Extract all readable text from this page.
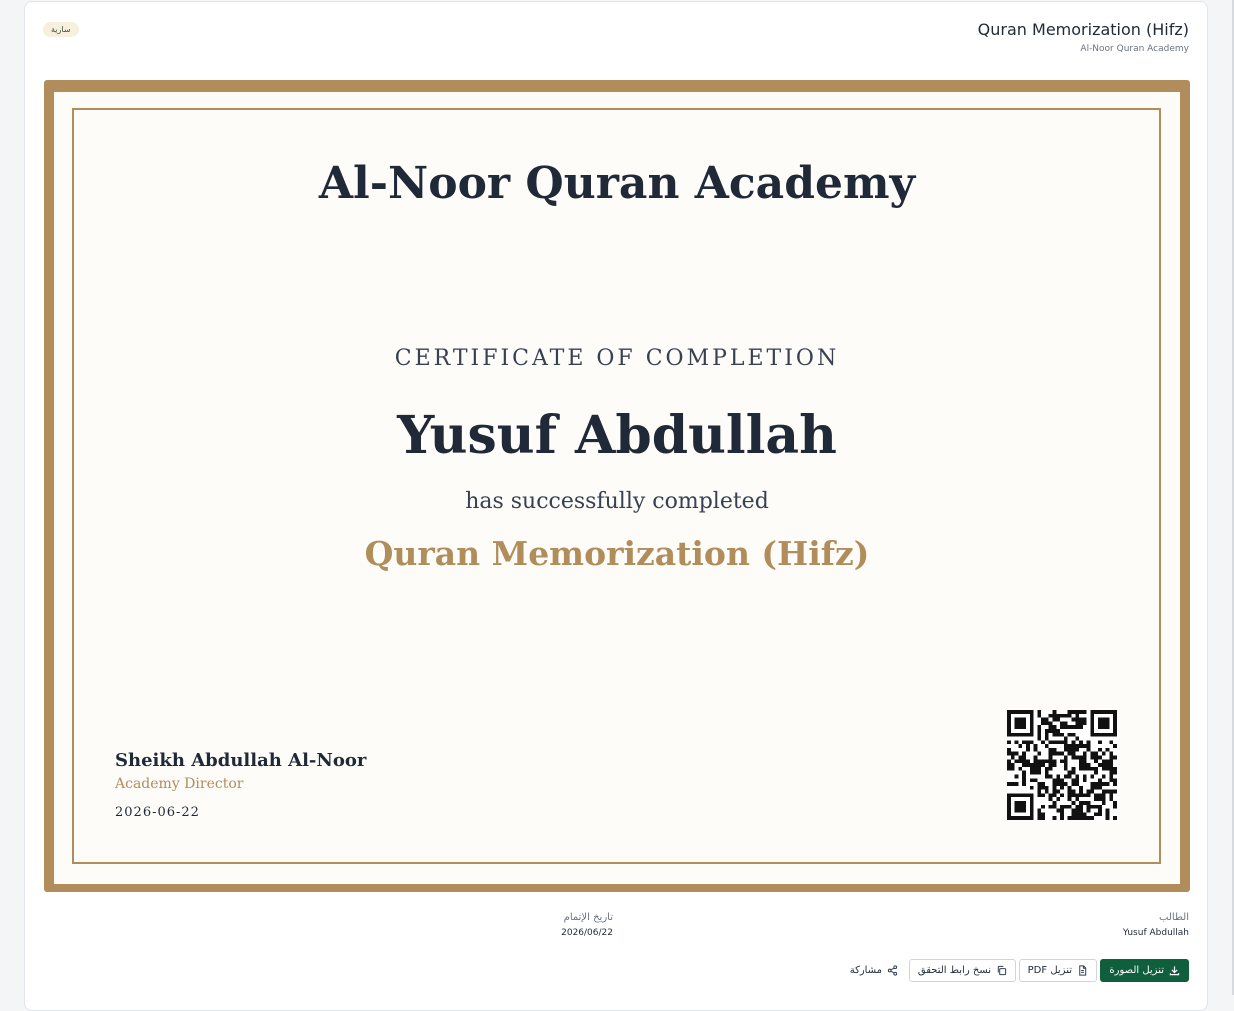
Quran Memorization (Hifz)
Al-Noor Quran Academy
سارية
Al-Noor Quran Academy
CERTIFICATE OF COMPLETION
Yusuf Abdullah
has successfully completed
Quran Memorization (Hifz)
Sheikh Abdullah Al-Noor
Academy Director
2026-06-22
الطالب
Yusuf Abdullah
تاريخ الإتمام
2026/06/22
تنزيل الصورة
تنزيل PDF
نسخ رابط التحقق
مشاركة
